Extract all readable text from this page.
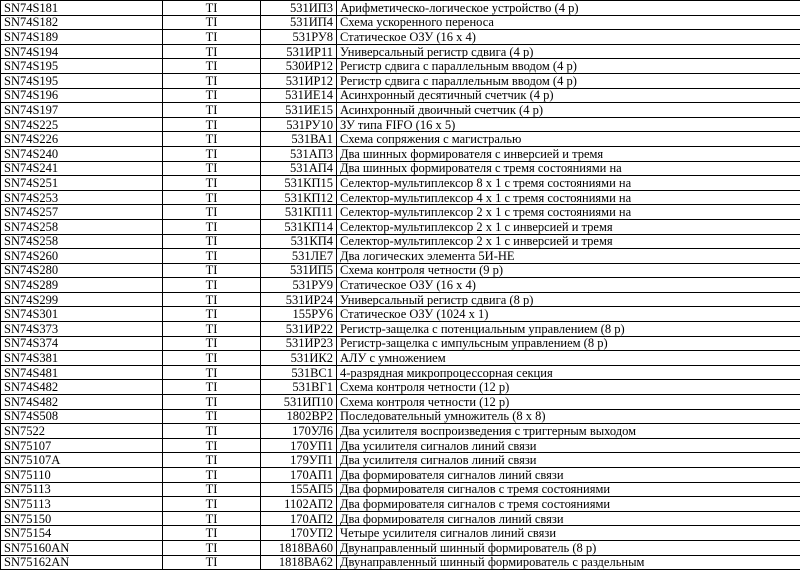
SN74S181	TI	531ИП3	Арифметическо-логическое устройство (4 р)
SN74S182	TI	531ИП4	Схема ускоренного переноса
SN74S189	TI	531РУ8	Статическое ОЗУ (16 x 4)
SN74S194	TI	531ИР11	Универсальный регистр сдвига (4 р)
SN74S195	TI	530ИР12	Регистр сдвига с параллельным вводом (4 р)
SN74S195	TI	531ИР12	Регистр сдвига с параллельным вводом (4 р)
SN74S196	TI	531ИЕ14	Асинхронный десятичный счетчик (4 р)
SN74S197	TI	531ИЕ15	Асинхронный двоичный счетчик (4 р)
SN74S225	TI	531РУ10	ЗУ типа FIFO (16 x 5)
SN74S226	TI	531ВА1	Схема сопряжения с магистралью
SN74S240	TI	531АП3	Два шинных формирователя с инверсией и тремя
SN74S241	TI	531АП4	Два шинных формирователя с тремя состояниями на
SN74S251	TI	531КП15	Селектор-мультиплексор 8 x 1 с тремя состояниями на
SN74S253	TI	531КП12	Селектор-мультиплексор 4 x 1 с тремя состояниями на
SN74S257	TI	531КП11	Селектор-мультиплексор 2 x 1 с тремя состояниями на
SN74S258	TI	531КП14	Селектор-мультиплексор 2 x 1 с инверсией и тремя
SN74S258	TI	531КП4	Селектор-мультиплексор 2 x 1 с инверсией и тремя
SN74S260	TI	531ЛЕ7	Два логических элемента 5И-НЕ
SN74S280	TI	531ИП5	Схема контроля четности (9 р)
SN74S289	TI	531РУ9	Статическое ОЗУ (16 x 4)
SN74S299	TI	531ИР24	Универсальный регистр сдвига (8 р)
SN74S301	TI	155РУ6	Статическое ОЗУ (1024 x 1)
SN74S373	TI	531ИР22	Регистр-защелка с потенциальным управлением (8 р)
SN74S374	TI	531ИР23	Регистр-защелка с импульсным управлением (8 р)
SN74S381	TI	531ИК2	АЛУ с умножением
SN74S481	TI	531ВС1	4-разрядная микропроцессорная секция
SN74S482	TI	531ВГ1	Схема контроля четности (12 р)
SN74S482	TI	531ИП10	Схема контроля четности (12 р)
SN74S508	TI	1802ВР2	Последовательный умножитель (8 x 8)
SN7522	TI	170УЛ6	Два усилителя воспроизведения с триггерным выходом
SN75107	TI	170УП1	Два усилителя сигналов линий связи
SN75107A	TI	179УП1	Два усилителя сигналов линий связи
SN75110	TI	170АП1	Два формирователя сигналов линий связи
SN75113	TI	155АП5	Два формирователя сигналов с тремя состояниями
SN75113	TI	1102АП2	Два формирователя сигналов с тремя состояниями
SN75150	TI	170АП2	Два формирователя сигналов линий связи
SN75154	TI	170УП2	Четыре усилителя сигналов линий связи
SN75160AN	TI	1818ВА60	Двунаправленный шинный формирователь (8 р)
SN75162AN	TI	1818ВА62	Двунаправленный шинный формирователь с раздельным
